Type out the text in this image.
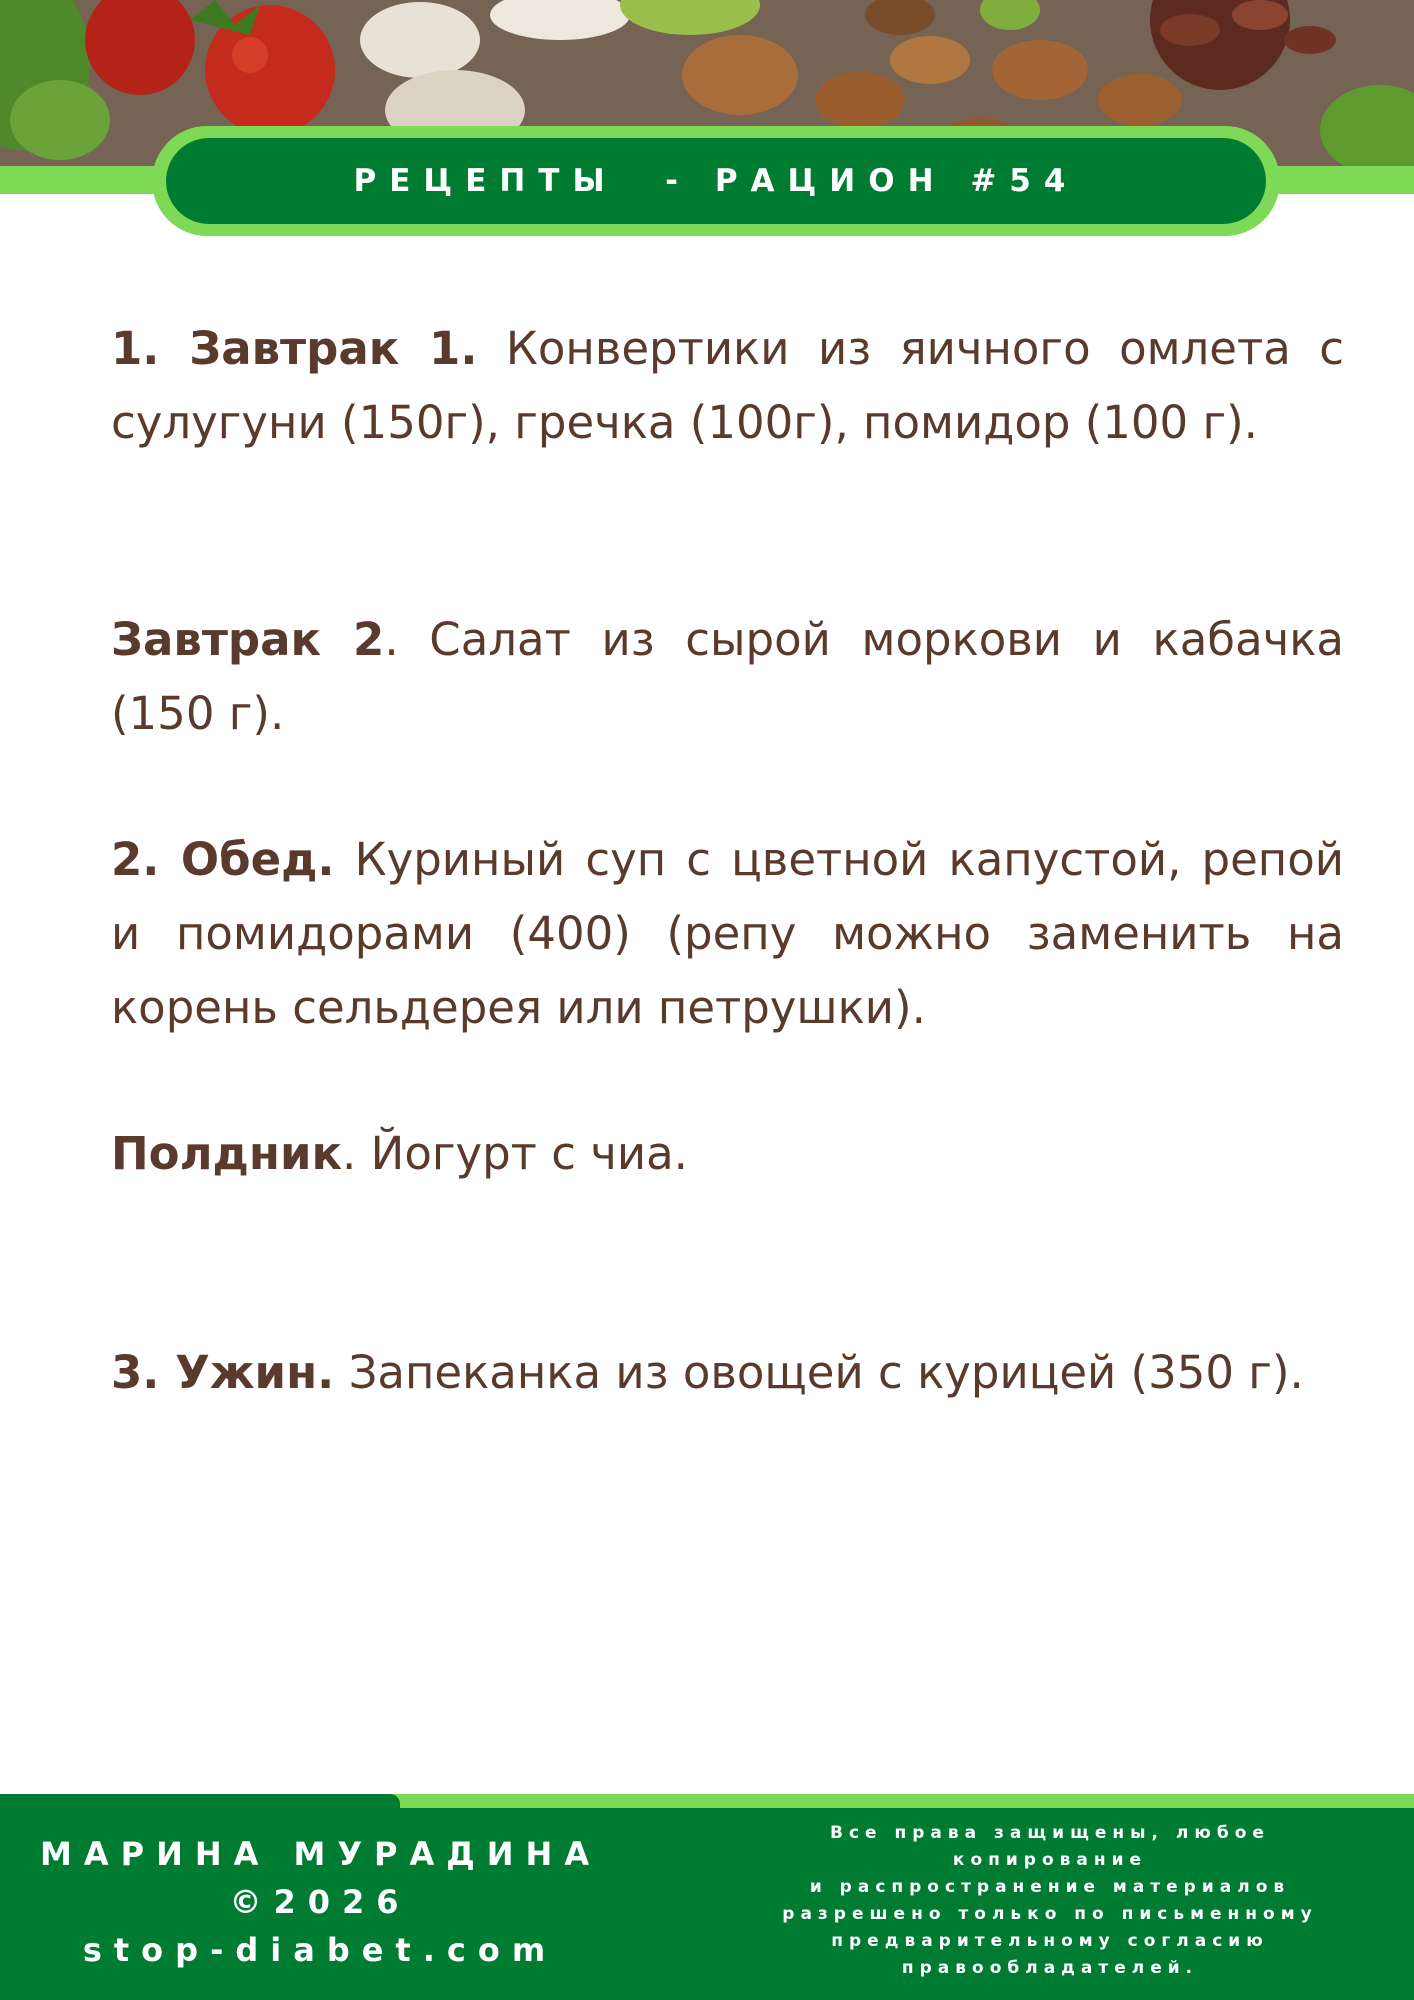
РЕЦЕПТЫ  - РАЦИОН #54

1. Завтрак 1. Конвертики из яичного омлета с сулугуни (150г), гречка (100г), помидор (100 г).

Завтрак 2. Салат из сырой моркови и кабачка (150 г).

2. Обед. Куриный суп с цветной капустой, репой и помидорами (400) (репу можно заменить на корень сельдерея или петрушки).

Полдник. Йогурт с чиа.

3. Ужин. Запеканка из овощей с курицей (350 г).

МАРИНА МУРАДИНА
©2026
stop-diabet.com
Все права защищены, любое
копирование
и распространение материалов
разрешено только по письменному
предварительному согласию
правообладателей.
